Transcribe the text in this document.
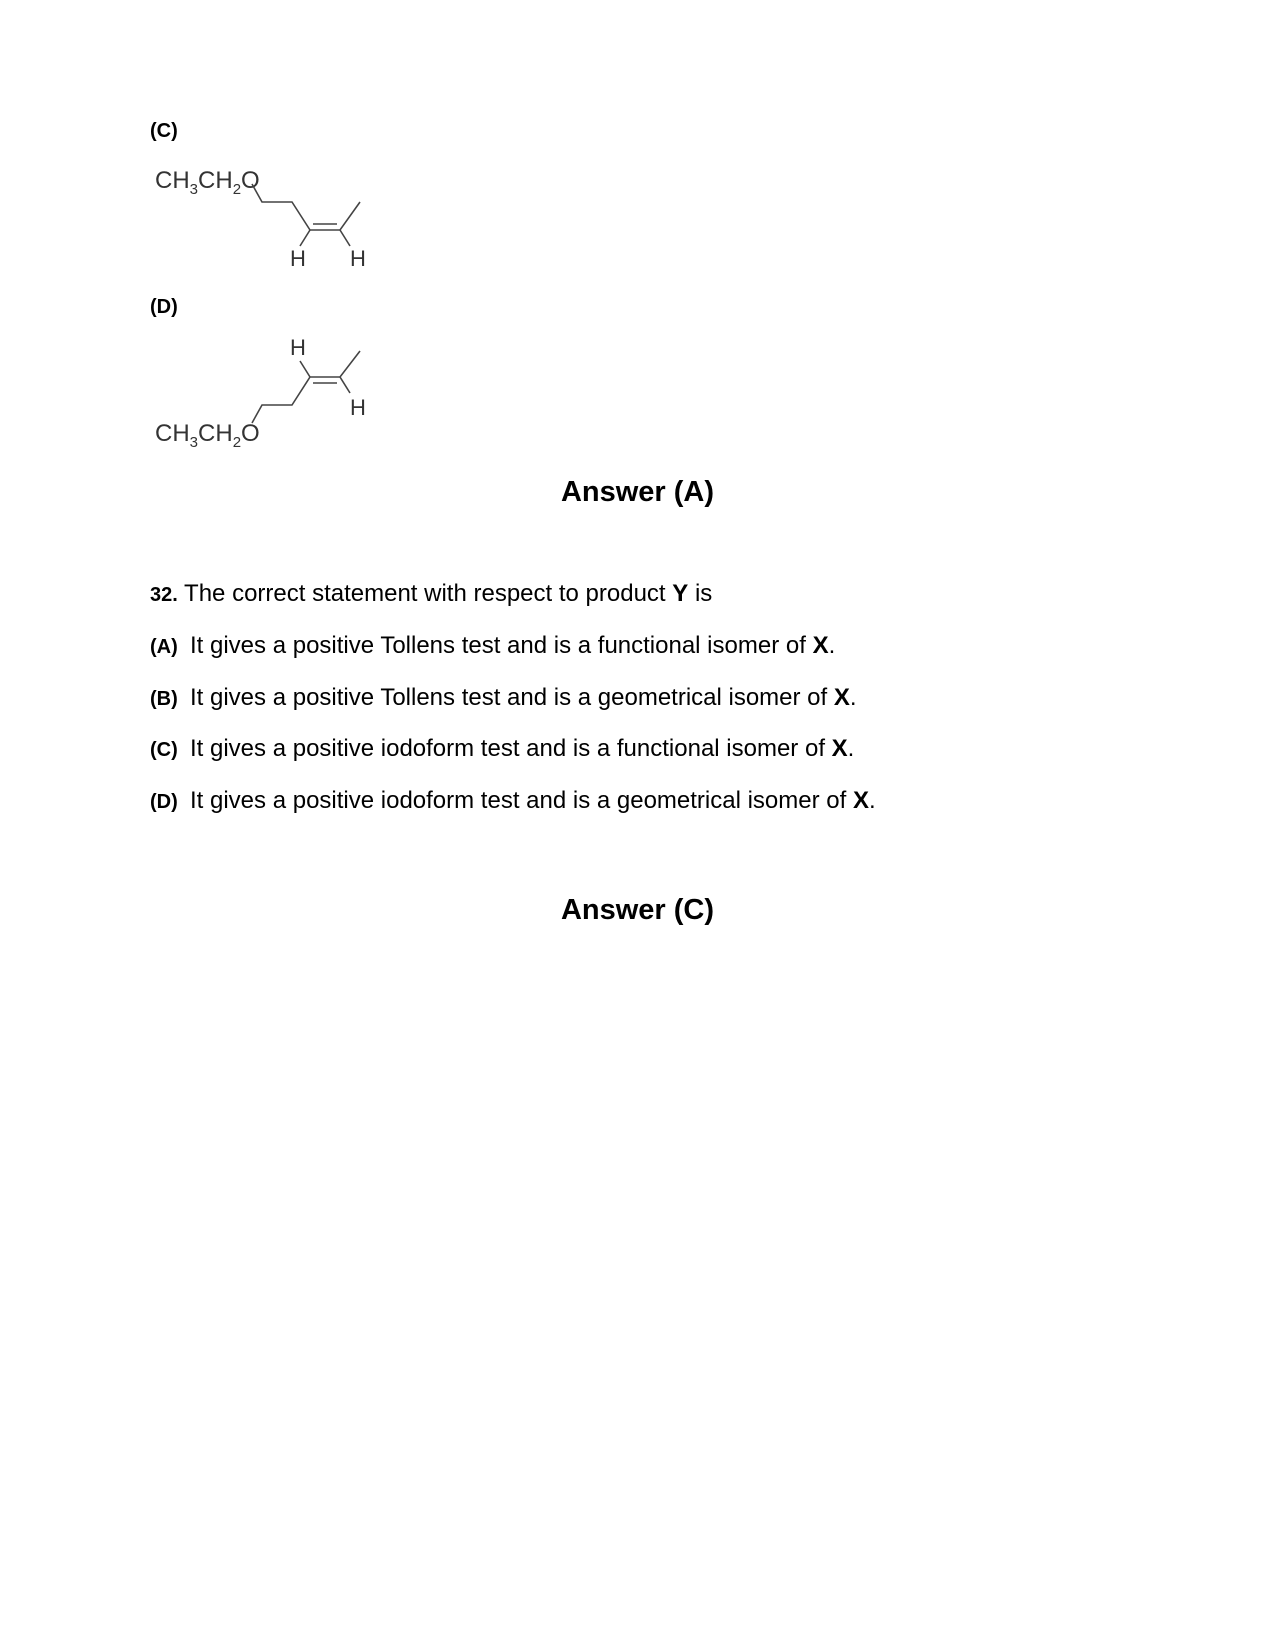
(C)
$CH_3CH_2O$
H H
(D)
H
H
$CH_3CH_2O$
Answer (A)
32. The correct statement with respect to product Y is
(A) It gives a positive Tollens test and is a functional isomer of X.
(B) It gives a positive Tollens test and is a geometrical isomer of X.
(C) It gives a positive iodoform test and is a functional isomer of X.
(D) It gives a positive iodoform test and is a geometrical isomer of X.
Answer (C)
